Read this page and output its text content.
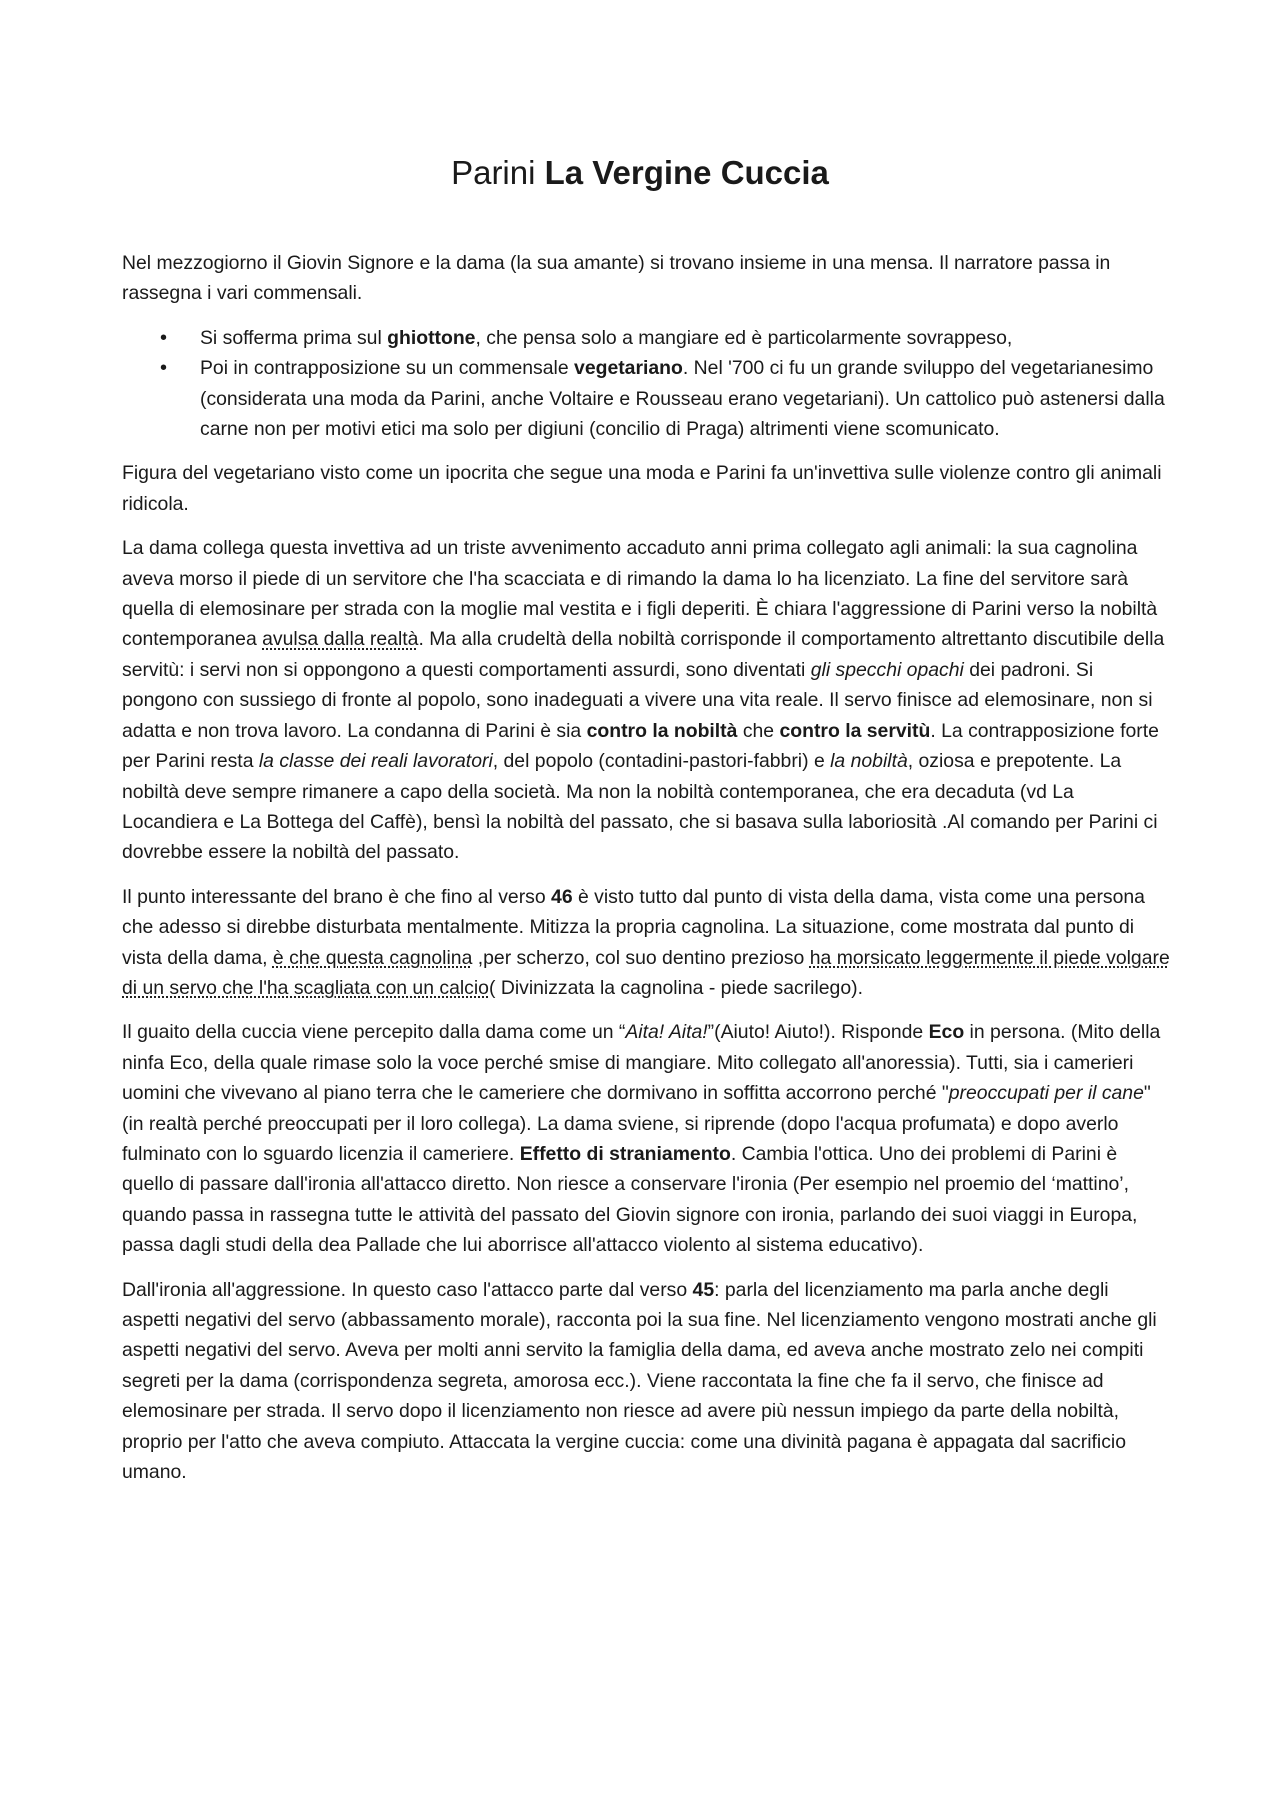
Parini La Vergine Cuccia

Nel mezzogiorno il Giovin Signore e la dama (la sua amante) si trovano insieme in una mensa. Il narratore passa in rassegna i vari commensali.

• Si sofferma prima sul ghiottone, che pensa solo a mangiare ed è particolarmente sovrappeso,
• Poi in contrapposizione su un commensale vegetariano. Nel '700 ci fu un grande sviluppo del vegetarianesimo (considerata una moda da Parini, anche Voltaire e Rousseau erano vegetariani). Un cattolico può astenersi dalla carne non per motivi etici ma solo per digiuni (concilio di Praga) altrimenti viene scomunicato.

Figura del vegetariano visto come un ipocrita che segue una moda e Parini fa un'invettiva sulle violenze contro gli animali ridicola.

La dama collega questa invettiva ad un triste avvenimento accaduto anni prima collegato agli animali: la sua cagnolina aveva morso il piede di un servitore che l'ha scacciata e di rimando la dama lo ha licenziato. La fine del servitore sarà quella di elemosinare per strada con la moglie mal vestita e i figli deperiti. È chiara l'aggressione di Parini verso la nobiltà contemporanea avulsa dalla realtà. Ma alla crudeltà della nobiltà corrisponde il comportamento altrettanto discutibile della servitù: i servi non si oppongono a questi comportamenti assurdi, sono diventati gli specchi opachi dei padroni. Si pongono con sussiego di fronte al popolo, sono inadeguati a vivere una vita reale. Il servo finisce ad elemosinare, non si adatta e non trova lavoro. La condanna di Parini è sia contro la nobiltà che contro la servitù. La contrapposizione forte per Parini resta la classe dei reali lavoratori, del popolo (contadini-pastori-fabbri) e la nobiltà, oziosa e prepotente. La nobiltà deve sempre rimanere a capo della società. Ma non la nobiltà contemporanea, che era decaduta (vd La Locandiera e La Bottega del Caffè), bensì la nobiltà del passato, che si basava sulla laboriosità .Al comando per Parini ci dovrebbe essere la nobiltà del passato.

Il punto interessante del brano è che fino al verso 46 è visto tutto dal punto di vista della dama, vista come una persona che adesso si direbbe disturbata mentalmente. Mitizza la propria cagnolina. La situazione, come mostrata dal punto di vista della dama, è che questa cagnolina ,per scherzo, col suo dentino prezioso ha morsicato leggermente il piede volgare di un servo che l'ha scagliata con un calcio( Divinizzata la cagnolina - piede sacrilego).

Il guaito della cuccia viene percepito dalla dama come un “Aita! Aita!”(Aiuto! Aiuto!). Risponde Eco in persona. (Mito della ninfa Eco, della quale rimase solo la voce perché smise di mangiare. Mito collegato all'anoressia). Tutti, sia i camerieri uomini che vivevano al piano terra che le cameriere che dormivano in soffitta accorrono perché "preoccupati per il cane" (in realtà perché preoccupati per il loro collega). La dama sviene, si riprende (dopo l'acqua profumata) e dopo averlo fulminato con lo sguardo licenzia il cameriere. Effetto di straniamento. Cambia l'ottica. Uno dei problemi di Parini è quello di passare dall'ironia all'attacco diretto. Non riesce a conservare l'ironia (Per esempio nel proemio del ‘mattino’, quando passa in rassegna tutte le attività del passato del Giovin signore con ironia, parlando dei suoi viaggi in Europa, passa dagli studi della dea Pallade che lui aborrisce all'attacco violento al sistema educativo).

Dall'ironia all'aggressione. In questo caso l'attacco parte dal verso 45: parla del licenziamento ma parla anche degli aspetti negativi del servo (abbassamento morale), racconta poi la sua fine. Nel licenziamento vengono mostrati anche gli aspetti negativi del servo. Aveva per molti anni servito la famiglia della dama, ed aveva anche mostrato zelo nei compiti segreti per la dama (corrispondenza segreta, amorosa ecc.). Viene raccontata la fine che fa il servo, che finisce ad elemosinare per strada. Il servo dopo il licenziamento non riesce ad avere più nessun impiego da parte della nobiltà, proprio per l'atto che aveva compiuto. Attaccata la vergine cuccia: come una divinità pagana è appagata dal sacrificio umano.
